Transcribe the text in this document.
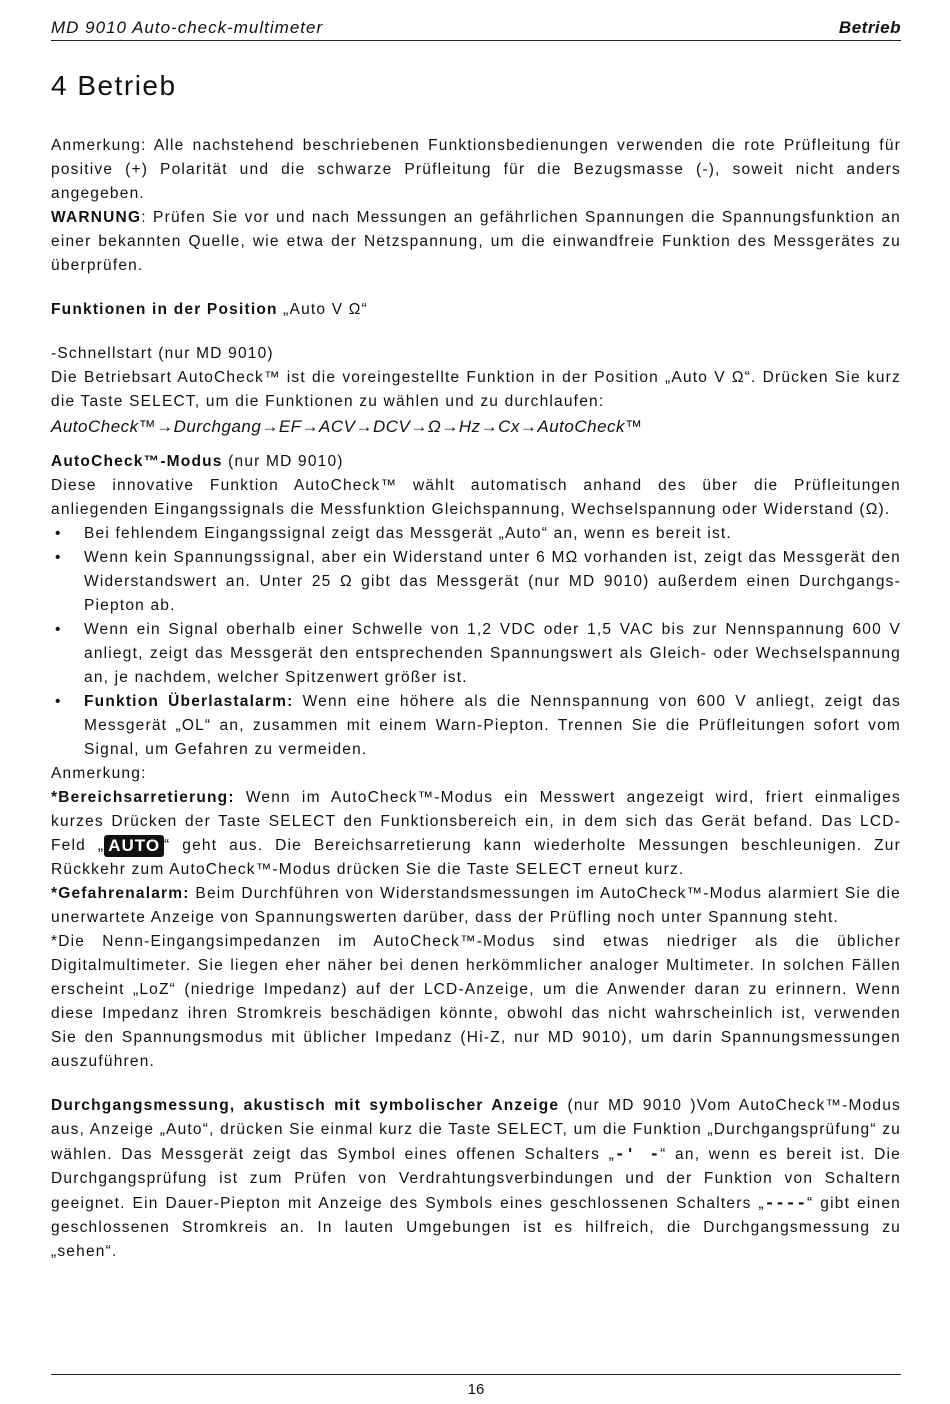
MD 9010 Auto-check-multimeter	Betrieb
4 Betrieb

Anmerkung: Alle nachstehend beschriebenen Funktionsbedienungen verwenden die rote Prüfleitung für positive (+) Polarität und die schwarze Prüfleitung für die Bezugsmasse (-), soweit nicht anders angegeben.

WARNUNG: Prüfen Sie vor und nach Messungen an gefährlichen Spannungen die Spannungsfunktion an einer bekannten Quelle, wie etwa der Netzspannung, um die einwandfreie Funktion des Messgerätes zu überprüfen.

Funktionen in der Position „Auto V Ω“

-Schnellstart (nur MD 9010)

Die Betriebsart AutoCheck™ ist die voreingestellte Funktion in der Position „Auto V Ω“. Drücken Sie kurz die Taste SELECT, um die Funktionen zu wählen und zu durchlaufen:

AutoCheck™→Durchgang→EF→ACV→DCV→Ω→Hz→Cx→AutoCheck™

AutoCheck™-Modus (nur MD 9010)

Diese innovative Funktion AutoCheck™ wählt automatisch anhand des über die Prüfleitungen anliegenden Eingangssignals die Messfunktion Gleichspannung, Wechselspannung oder Widerstand (Ω).

• Bei fehlendem Eingangssignal zeigt das Messgerät „Auto“ an, wenn es bereit ist.
• Wenn kein Spannungssignal, aber ein Widerstand unter 6 MΩ vorhanden ist, zeigt das Messgerät den Widerstandswert an. Unter 25 Ω gibt das Messgerät (nur MD 9010) außerdem einen Durchgangs-Piepton ab.
• Wenn ein Signal oberhalb einer Schwelle von 1,2 VDC oder 1,5 VAC bis zur Nennspannung 600 V anliegt, zeigt das Messgerät den entsprechenden Spannungswert als Gleich- oder Wechselspannung an, je nachdem, welcher Spitzenwert größer ist.
• Funktion Überlastalarm: Wenn eine höhere als die Nennspannung von 600 V anliegt, zeigt das Messgerät „OL“ an, zusammen mit einem Warn-Piepton. Trennen Sie die Prüfleitungen sofort vom Signal, um Gefahren zu vermeiden.

Anmerkung:

*Bereichsarretierung: Wenn im AutoCheck™-Modus ein Messwert angezeigt wird, friert einmaliges kurzes Drücken der Taste SELECT den Funktionsbereich ein, in dem sich das Gerät befand. Das LCD-Feld „ AUTO “ geht aus. Die Bereichsarretierung kann wiederholte Messungen beschleunigen. Zur Rückkehr zum AutoCheck™-Modus drücken Sie die Taste SELECT erneut kurz.

*Gefahrenalarm: Beim Durchführen von Widerstandsmessungen im AutoCheck™-Modus alarmiert Sie die unerwartete Anzeige von Spannungswerten darüber, dass der Prüfling noch unter Spannung steht.

*Die Nenn-Eingangsimpedanzen im AutoCheck™-Modus sind etwas niedriger als die üblicher Digitalmultimeter. Sie liegen eher näher bei denen herkömmlicher analoger Multimeter. In solchen Fällen erscheint „LoZ“ (niedrige Impedanz) auf der LCD-Anzeige, um die Anwender daran zu erinnern. Wenn diese Impedanz ihren Stromkreis beschädigen könnte, obwohl das nicht wahrscheinlich ist, verwenden Sie den Spannungsmodus mit üblicher Impedanz (Hi-Z, nur MD 9010), um darin Spannungsmessungen auszuführen.

Durchgangsmessung, akustisch mit symbolischer Anzeige (nur MD 9010 )Vom AutoCheck™-Modus aus, Anzeige „Auto“, drücken Sie einmal kurz die Taste SELECT, um die Funktion „Durchgangsprüfung“ zu wählen. Das Messgerät zeigt das Symbol eines offenen Schalters „-' -“ an, wenn es bereit ist. Die Durchgangsprüfung ist zum Prüfen von Verdrahtungsverbindungen und der Funktion von Schaltern geeignet. Ein Dauer-Piepton mit Anzeige des Symbols eines geschlossenen Schalters „----“ gibt einen geschlossenen Stromkreis an. In lauten Umgebungen ist es hilfreich, die Durchgangsmessung zu „sehen“.

16
